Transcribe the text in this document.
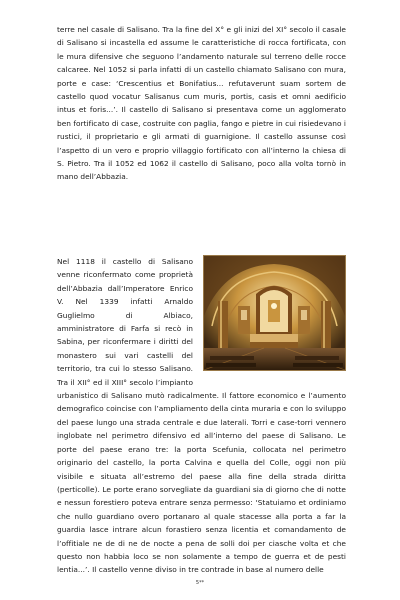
terre nel casale di Salisano. Tra la fine del X° e gli inizi del XI° secolo il casale di Salisano si incastella ed assume le caratteristiche di rocca fortificata, con le mura difensive che seguono l’andamento naturale sul terreno delle rocce calcaree. Nel 1052 si parla infatti di un castello chiamato Salisano con mura, porte e case: ‘Crescentius et Bonifatius... refutaverunt suam sortem de castello quod vocatur Salisanus cum muris, portis, casis et omni aedificio intus et foris...’. Il castello di Salisano si presentava come un agglomerato ben fortificato di case, costruite con paglia, fango e pietre in cui risiedevano i rustici, il proprietario e gli armati di guarnigione. Il castello assunse così l’aspetto di un vero e proprio villaggio fortificato con all’interno la chiesa di S. Pietro. Tra il 1052 ed 1062 il castello di Salisano, poco alla volta tornò in mano dell’Abbazia.
Nel 1118 il castello di Salisano venne riconfermato come proprietà dell’Abbazia dall’Imperatore Enrico V. Nel 1339 infatti Arnaldo Guglielmo di Albiaco, amministratore di Farfa si recò in Sabina, per riconfermare i diritti del monastero sui vari castelli del territorio, tra cui lo stesso Salisano. Tra il XII° ed il XIII° secolo l’impianto urbanistico di Salisano mutò radicalmente. Il fattore economico e l’aumento demografico coincise con l’ampliamento della cinta muraria e con lo sviluppo del paese lungo una strada centrale e due laterali. Torri e case-torri vennero inglobate nel perimetro difensivo ed all’interno del paese di Salisano. Le porte del paese erano tre: la porta Scefunia, collocata nel perimetro originario del castello, la porta Calvina e quella del Colle, oggi non più visibile e situata all’estremo del paese alla fine della strada diritta (perticolle). Le porte erano sorvegliate da guardiani sia di giorno che di notte e nessun forestiero poteva entrare senza permesso: ‘Statuiamo et ordiniamo che nullo guardiano overo portanaro al quale stacesse alla porta a far la guardia lasce intrare alcun forastiero senza licentia et comandamento de l’offitiale ne de di ne de nocte a pena de solli doi per ciasche volta et che questo non habbia loco se non solamente a tempo de guerra et de pesti lentia...’. Il castello venne diviso in tre contrade in base al numero delle
5**
